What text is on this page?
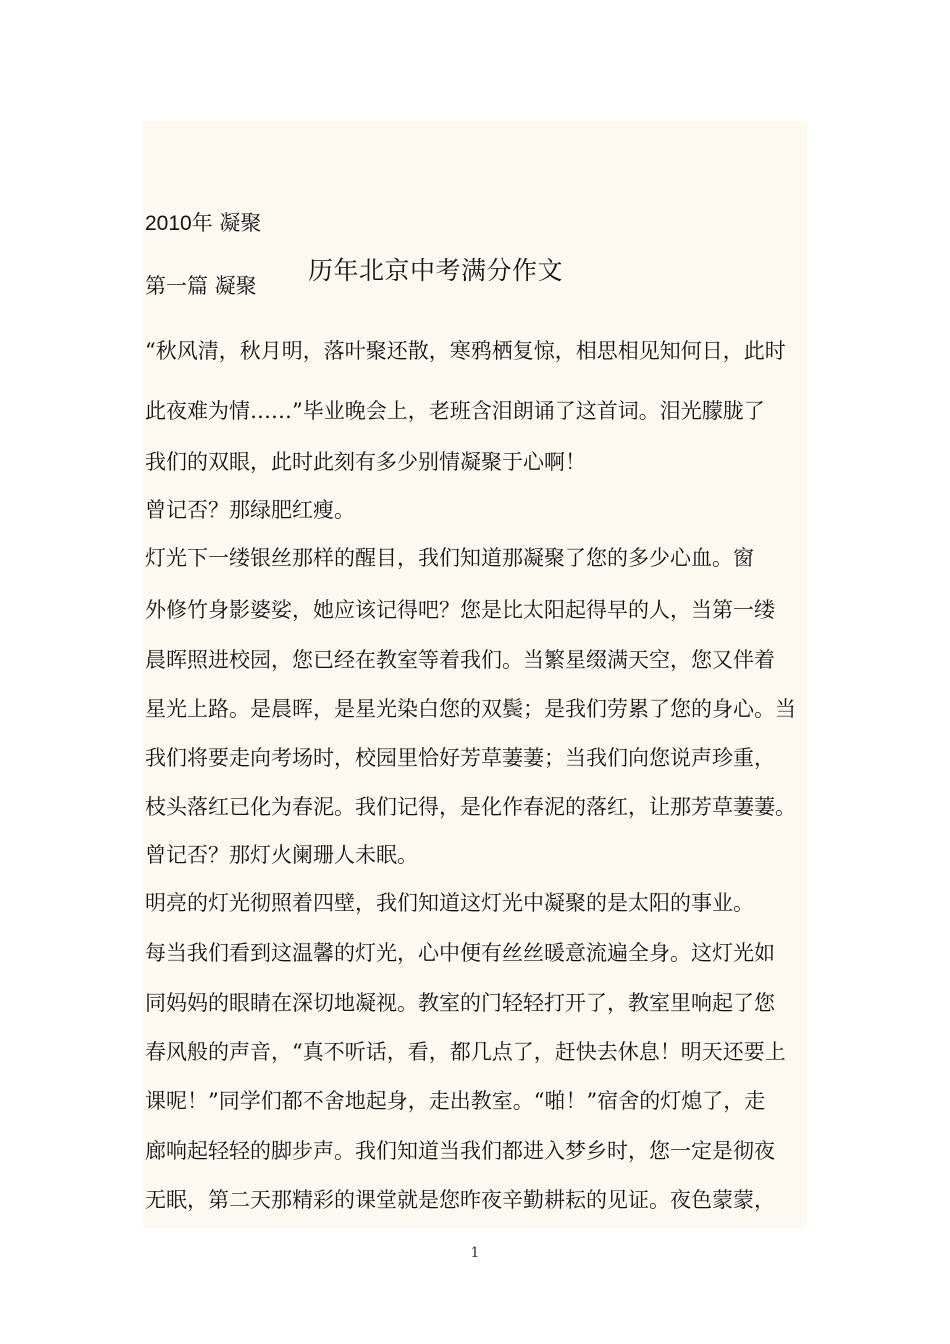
历年北京中考满分作文
2010年 凝聚
第一篇 凝聚
“秋风清，秋月明，落叶聚还散，寒鸦栖复惊，相思相见知何日，此时
此夜难为情……”毕业晚会上，老班含泪朗诵了这首词。泪光朦胧了
我们的双眼，此时此刻有多少别情凝聚于心啊！
曾记否？那绿肥红瘦。
灯光下一缕银丝那样的醒目，我们知道那凝聚了您的多少心血。窗
外修竹身影婆娑，她应该记得吧？您是比太阳起得早的人，当第一缕
晨晖照进校园，您已经在教室等着我们。当繁星缀满天空，您又伴着
星光上路。是晨晖，是星光染白您的双鬓；是我们劳累了您的身心。当
我们将要走向考场时，校园里恰好芳草萋萋；当我们向您说声珍重，
枝头落红已化为春泥。我们记得，是化作春泥的落红，让那芳草萋萋。
曾记否？那灯火阑珊人未眠。
明亮的灯光彻照着四壁，我们知道这灯光中凝聚的是太阳的事业。
每当我们看到这温馨的灯光，心中便有丝丝暖意流遍全身。这灯光如
同妈妈的眼睛在深切地凝视。教室的门轻轻打开了，教室里响起了您
春风般的声音，“真不听话，看，都几点了，赶快去休息！明天还要上
课呢！”同学们都不舍地起身，走出教室。“啪！”宿舍的灯熄了，走
廊响起轻轻的脚步声。我们知道当我们都进入梦乡时，您一定是彻夜
无眠，第二天那精彩的课堂就是您昨夜辛勤耕耘的见证。夜色蒙蒙，
1
